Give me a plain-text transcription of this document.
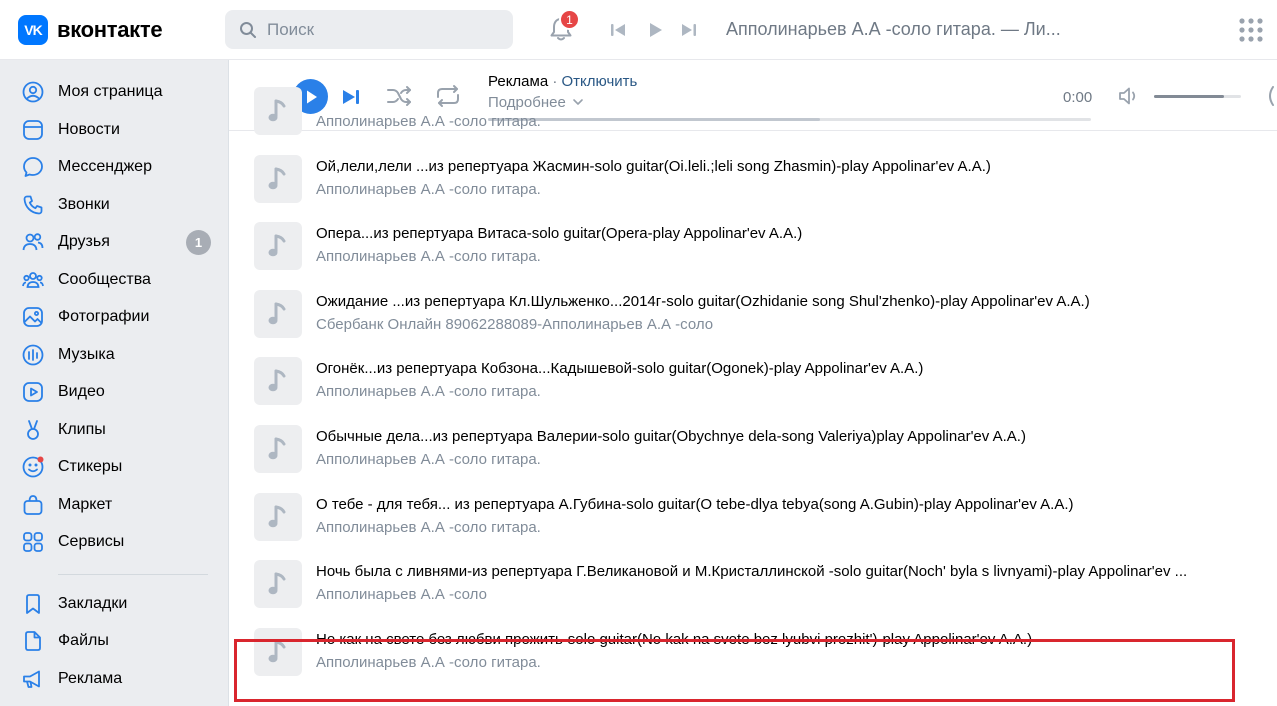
VK вконтакте
Поиск	1	Апполинарьев А.А -соло гитара. — Ли...
Моя страница
Новости
Мессенджер
Звонки
Друзья	1
Сообщества
Фотографии
Музыка
Видео
Клипы
Стикеры
Маркет
Сервисы
Закладки
Файлы
Реклама
Реклама · Отключить
Подробнее	0:00
Апполинарьев А.А -соло гитара.
Ой,лели,лели ...из репертуара Жасмин-solo guitar(Oi.leli.;leli song Zhasmin)-play Appolinar'ev A.A.)
Апполинарьев А.А -соло гитара.
Опера...из репертуара Витаса-solo guitar(Opera-play Appolinar'ev A.A.)
Апполинарьев А.А -соло гитара.
Ожидание ...из репертуара Кл.Шульженко...2014г-solo guitar(Ozhidanie song Shul'zhenko)-play Appolinar'ev A.A.)
Сбербанк Онлайн 89062288089-Апполинарьев А.А -соло
Огонёк...из репертуара Кобзона...Кадышевой-solo guitar(Ogonek)-play Appolinar'ev A.A.)
Апполинарьев А.А -соло гитара.
Обычные дела...из репертуара Валерии-solo guitar(Obychnye dela-song Valeriya)play Appolinar'ev A.A.)
Апполинарьев А.А -соло гитара.
О тебе - для тебя... из репертуара А.Губина-solo guitar(O tebe-dlya tebya(song A.Gubin)-play Appolinar'ev A.A.)
Апполинарьев А.А -соло гитара.
Ночь была с ливнями-из репертуара Г.Великановой и М.Кристаллинской -solo guitar(Noch' byla s livnyami)-play Appolinar'ev ...
Апполинарьев А.А -соло
Но как на свете без любви прожить-solo guitar(No kak na svete bez lyubvi prozhit')-play Appolinar'ev A.A.)
Апполинарьев А.А -соло гитара.
